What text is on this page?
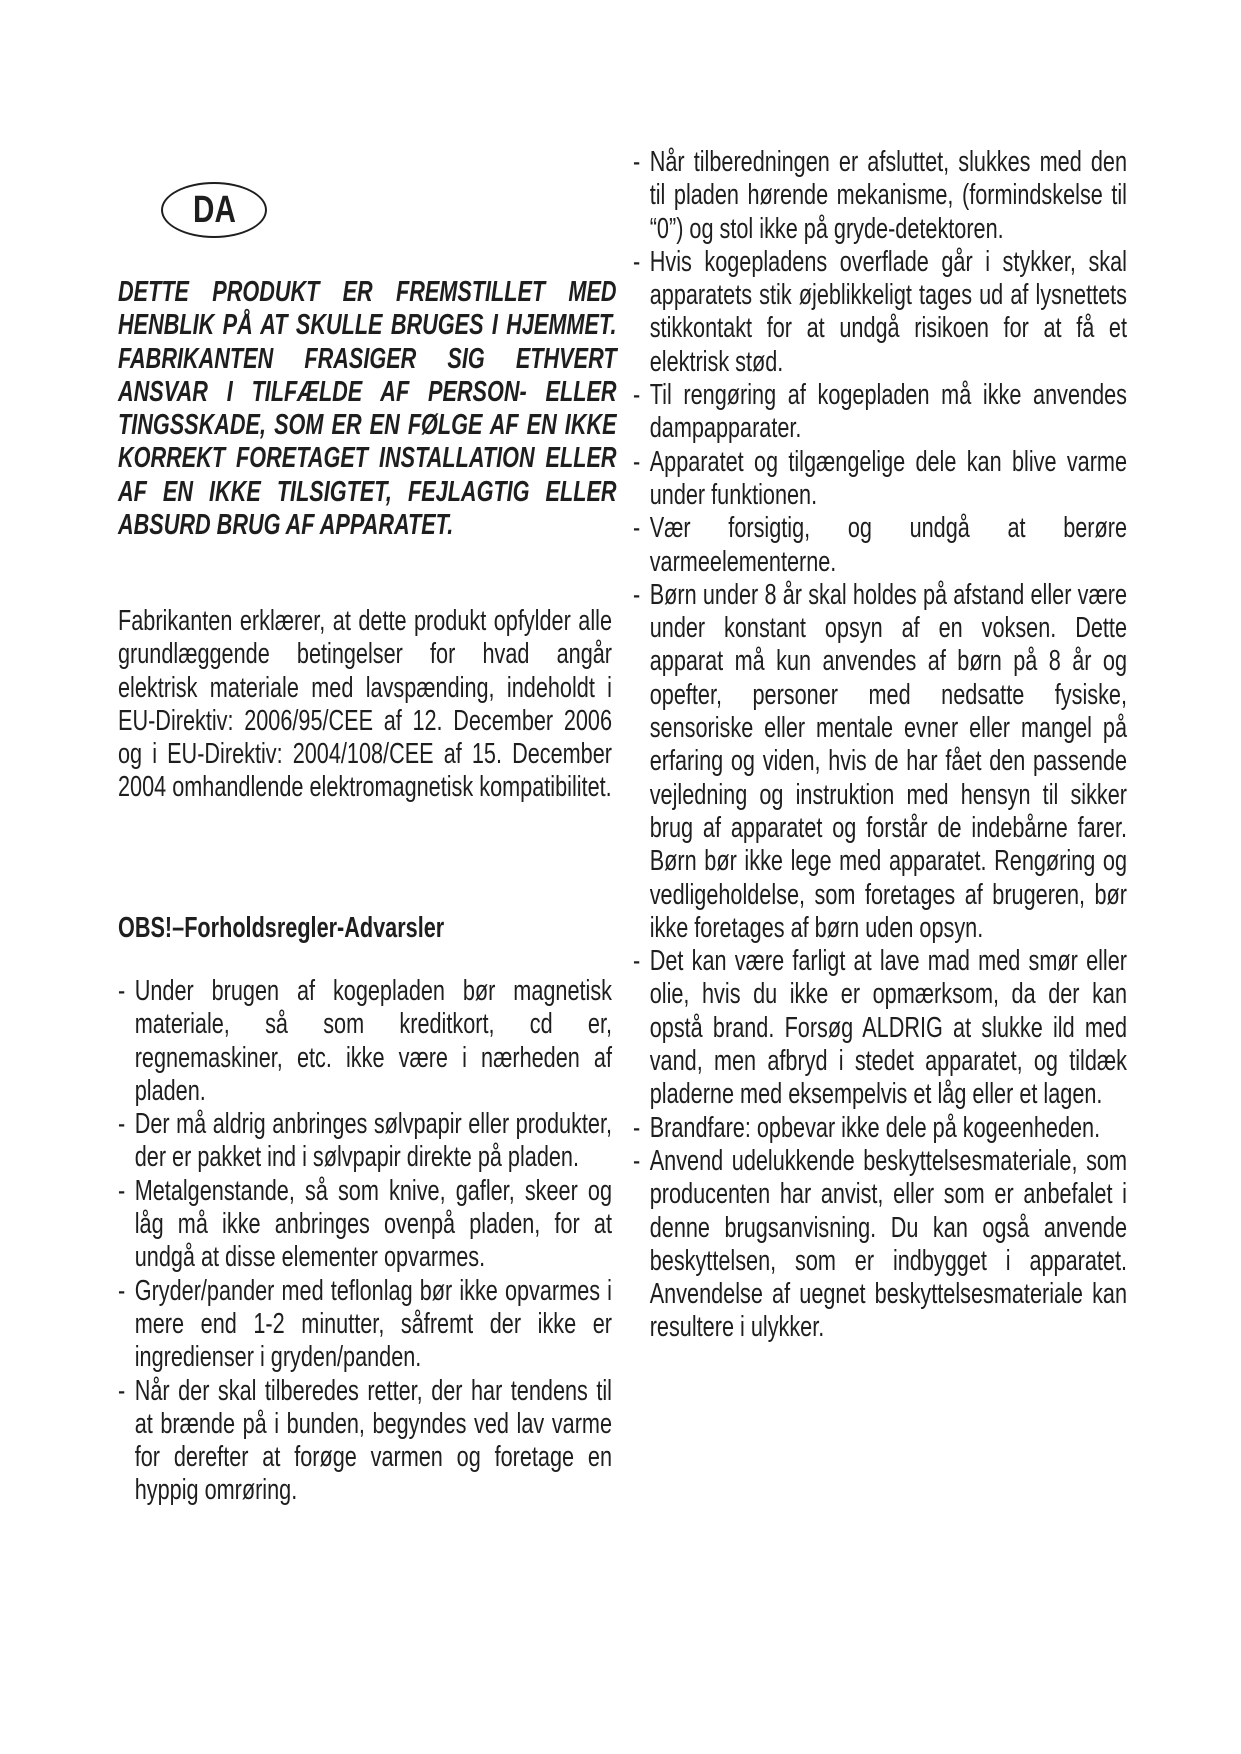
DA
DETTE PRODUKT ER FREMSTILLET MED HENBLIK PÅ AT SKULLE BRUGES I HJEMMET. FABRIKANTEN FRASIGER SIG ETHVERT ANSVAR I TILFÆLDE AF PERSON- ELLER TINGSSKADE, SOM ER EN FØLGE AF EN IKKE KORREKT FORETAGET INSTALLATION ELLER AF EN IKKE TILSIGTET, FEJLAGTIG ELLER ABSURD BRUG AF APPARATET.
Fabrikanten erklærer, at dette produkt opfylder alle grundlæggende betingelser for hvad angår elektrisk materiale med lavspænding, indeholdt i EU-Direktiv: 2006/95/CEE af 12. December 2006 og i EU-Direktiv: 2004/108/CEE af 15. December 2004 omhandlende elektromagnetisk kompatibilitet.
OBS!–Forholdsregler-Advarsler
- Under brugen af kogepladen bør magnetisk materiale, så som kreditkort, cd er, regnemaskiner, etc. ikke være i nærheden af pladen.
- Der må aldrig anbringes sølvpapir eller produkter, der er pakket ind i sølvpapir direkte på pladen.
- Metalgenstande, så som knive, gafler, skeer og låg må ikke anbringes ovenpå pladen, for at undgå at disse elementer opvarmes.
- Gryder/pander med teflonlag bør ikke opvarmes i mere end 1-2 minutter, såfremt der ikke er ingredienser i gryden/panden.
- Når der skal tilberedes retter, der har tendens til at brænde på i bunden, begyndes ved lav varme for derefter at forøge varmen og foretage en hyppig omrøring.
- Når tilberedningen er afsluttet, slukkes med den til pladen hørende mekanisme, (formindskelse til “0”) og stol ikke på gryde-detektoren.
- Hvis kogepladens overflade går i stykker, skal apparatets stik øjeblikkeligt tages ud af lysnettets stikkontakt for at undgå risikoen for at få et elektrisk stød.
- Til rengøring af kogepladen må ikke anvendes dampapparater.
- Apparatet og tilgængelige dele kan blive varme under funktionen.
- Vær forsigtig, og undgå at berøre varmeelementerne.
- Børn under 8 år skal holdes på afstand eller være under konstant opsyn af en voksen. Dette apparat må kun anvendes af børn på 8 år og opefter, personer med nedsatte fysiske, sensoriske eller mentale evner eller mangel på erfaring og viden, hvis de har fået den passende vejledning og instruktion med hensyn til sikker brug af apparatet og forstår de indebårne farer. Børn bør ikke lege med apparatet. Rengøring og vedligeholdelse, som foretages af brugeren, bør ikke foretages af børn uden opsyn.
- Det kan være farligt at lave mad med smør eller olie, hvis du ikke er opmærksom, da der kan opstå brand. Forsøg ALDRIG at slukke ild med vand, men afbryd i stedet apparatet, og tildæk pladerne med eksempelvis et låg eller et lagen.
- Brandfare: opbevar ikke dele på kogeenheden.
- Anvend udelukkende beskyttelsesmateriale, som producenten har anvist, eller som er anbefalet i denne brugsanvisning. Du kan også anvende beskyttelsen, som er indbygget i apparatet. Anvendelse af uegnet beskyttelsesmateriale kan resultere i ulykker.
